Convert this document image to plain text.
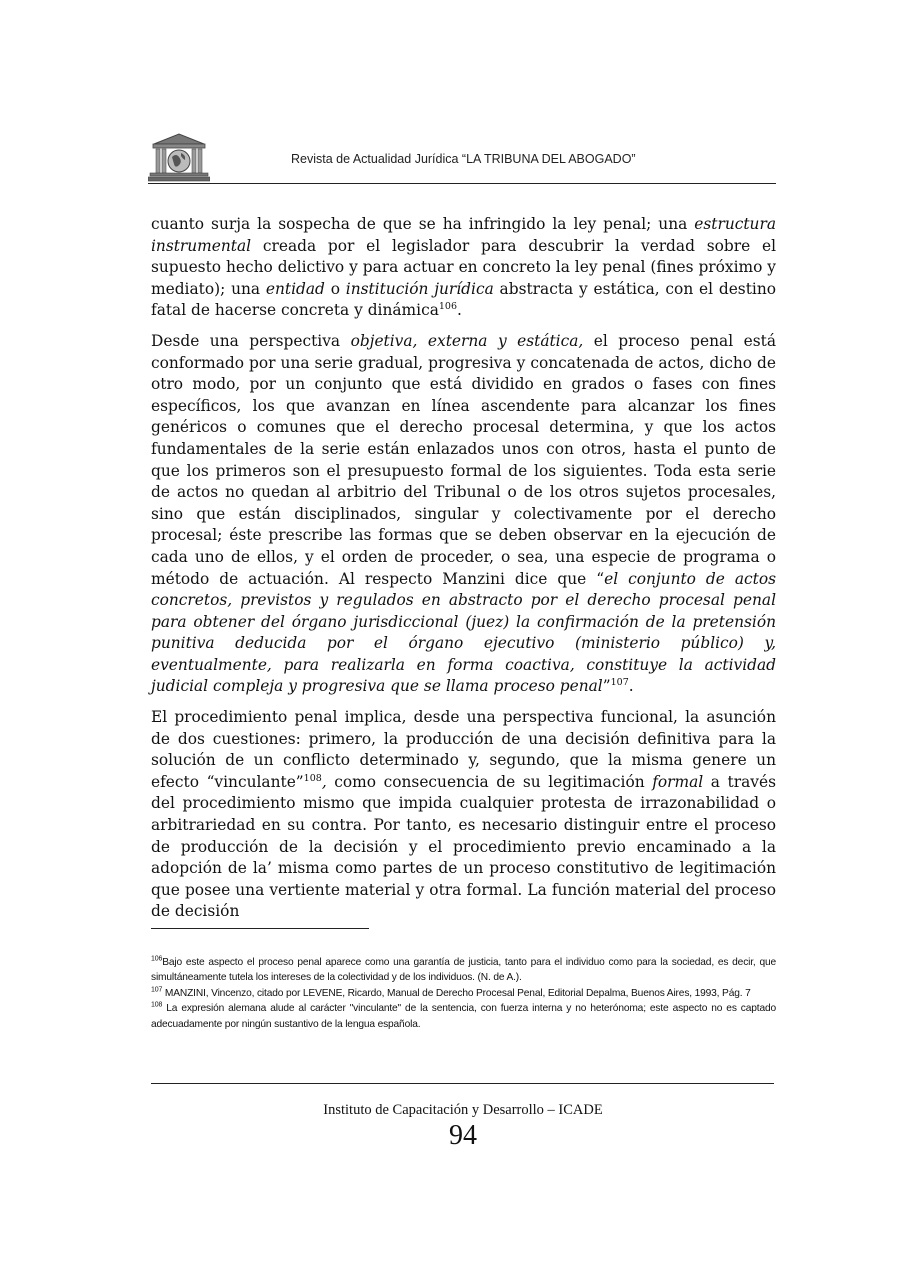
Revista de Actualidad Jurídica “LA TRIBUNA DEL ABOGADO”

cuanto surja la sospecha de que se ha infringido la ley penal; una estructura instrumental creada por el legislador para descubrir la verdad sobre el supuesto hecho delictivo y para actuar en concreto la ley penal (fines próximo y mediato); una entidad o institución jurídica abstracta y estática, con el destino fatal de hacerse concreta y dinámica$^{106}$.

Desde una perspectiva objetiva, externa y estática, el proceso penal está conformado por una serie gradual, progresiva y concatenada de actos, dicho de otro modo, por un conjunto que está dividido en grados o fases con fines específicos, los que avanzan en línea ascendente para alcanzar los fines genéricos o comunes que el derecho procesal determina, y que los actos fundamentales de la serie están enlazados unos con otros, hasta el punto de que los primeros son el presupuesto formal de los siguientes. Toda esta serie de actos no quedan al arbitrio del Tribunal o de los otros sujetos procesales, sino que están disciplinados, singular y colectivamente por el derecho procesal; éste prescribe las formas que se deben observar en la ejecución de cada uno de ellos, y el orden de proceder, o sea, una especie de programa o método de actuación. Al respecto Manzini dice que “el conjunto de actos concretos, previstos y regulados en abstracto por el derecho procesal penal para obtener del órgano jurisdiccional (juez) la confirmación de la pretensión punitiva deducida por el órgano ejecutivo (ministerio público) y, eventualmente, para realizarla en forma coactiva, constituye la actividad judicial compleja y progresiva que se llama proceso penal”$^{107}$.

El procedimiento penal implica, desde una perspectiva funcional, la asunción de dos cuestiones: primero, la producción de una decisión definitiva para la solución de un conflicto determinado y, segundo, que la misma genere un efecto “vinculante”$^{108}$, como consecuencia de su legitimación formal a través del procedimiento mismo que impida cualquier protesta de irrazonabilidad o arbitrariedad en su contra. Por tanto, es necesario distinguir entre el proceso de producción de la decisión y el procedimiento previo encaminado a la adopción de la’ misma como partes de un proceso constitutivo de legitimación que posee una vertiente material y otra formal. La función material del proceso de decisión

$^{106}$Bajo este aspecto el proceso penal aparece como una garantía de justicia, tanto para el individuo como para la sociedad, es decir, que simultáneamente tutela los intereses de la colectividad y de los individuos. (N. de A.).

$^{107}$ MANZINI, Vincenzo, citado por LEVENE, Ricardo, Manual de Derecho Procesal Penal, Editorial Depalma, Buenos Aires, 1993, Pág. 7

$^{108}$ La expresión alemana alude al carácter "vinculante" de la sentencia, con fuerza interna y no heterónoma; este aspecto no es captado adecuadamente por ningún sustantivo de la lengua española.

Instituto de Capacitación y Desarrollo – ICADE
94
